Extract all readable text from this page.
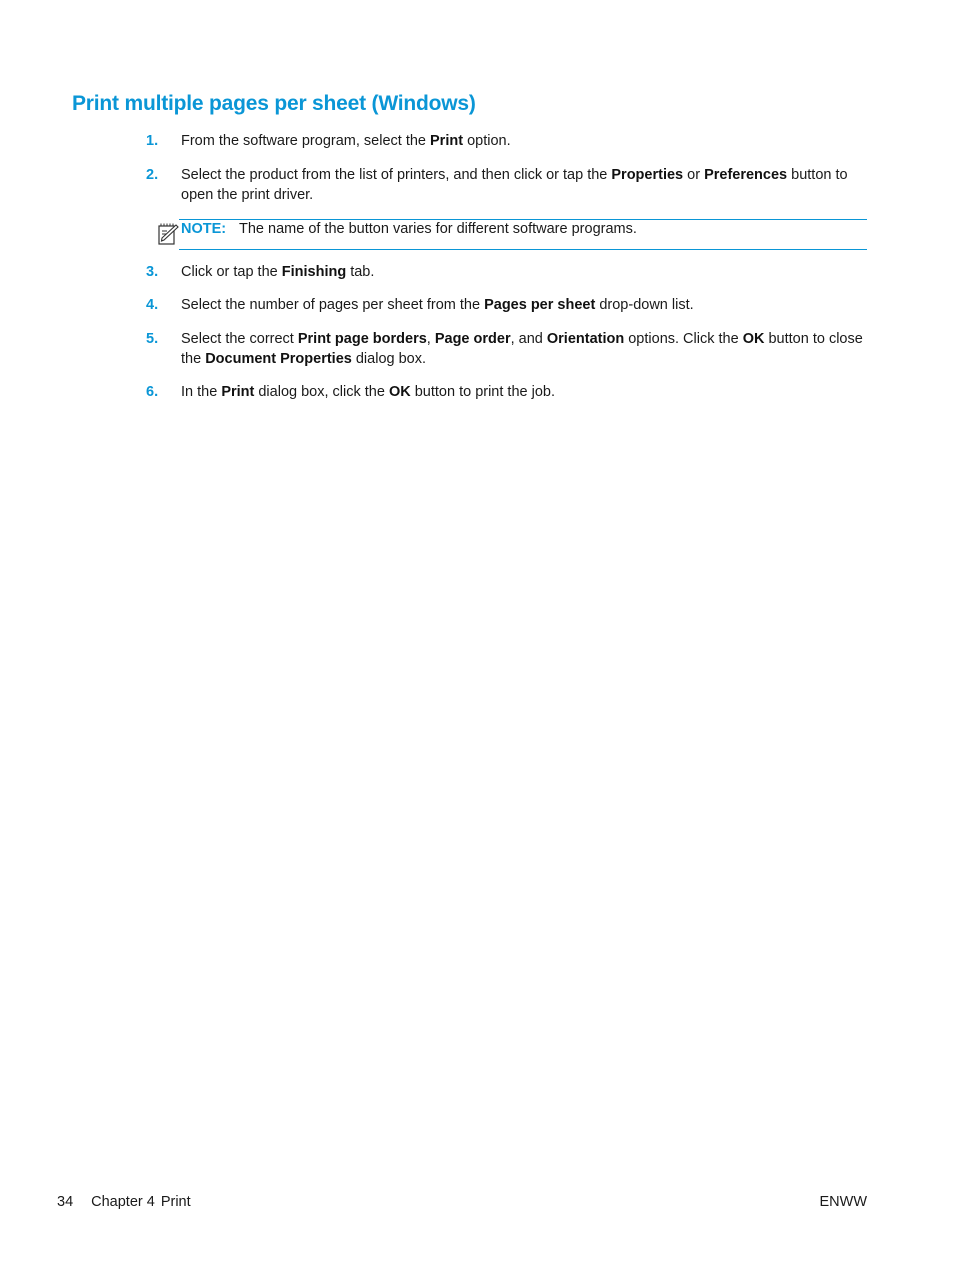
Print multiple pages per sheet (Windows)
1.	From the software program, select the Print option.
2.	Select the product from the list of printers, and then click or tap the Properties or Preferences button to open the print driver.
NOTE: The name of the button varies for different software programs.
3.	Click or tap the Finishing tab.
4.	Select the number of pages per sheet from the Pages per sheet drop-down list.
5.	Select the correct Print page borders, Page order, and Orientation options. Click the OK button to close the Document Properties dialog box.
6.	In the Print dialog box, click the OK button to print the job.
34 Chapter 4 Print	ENWW
